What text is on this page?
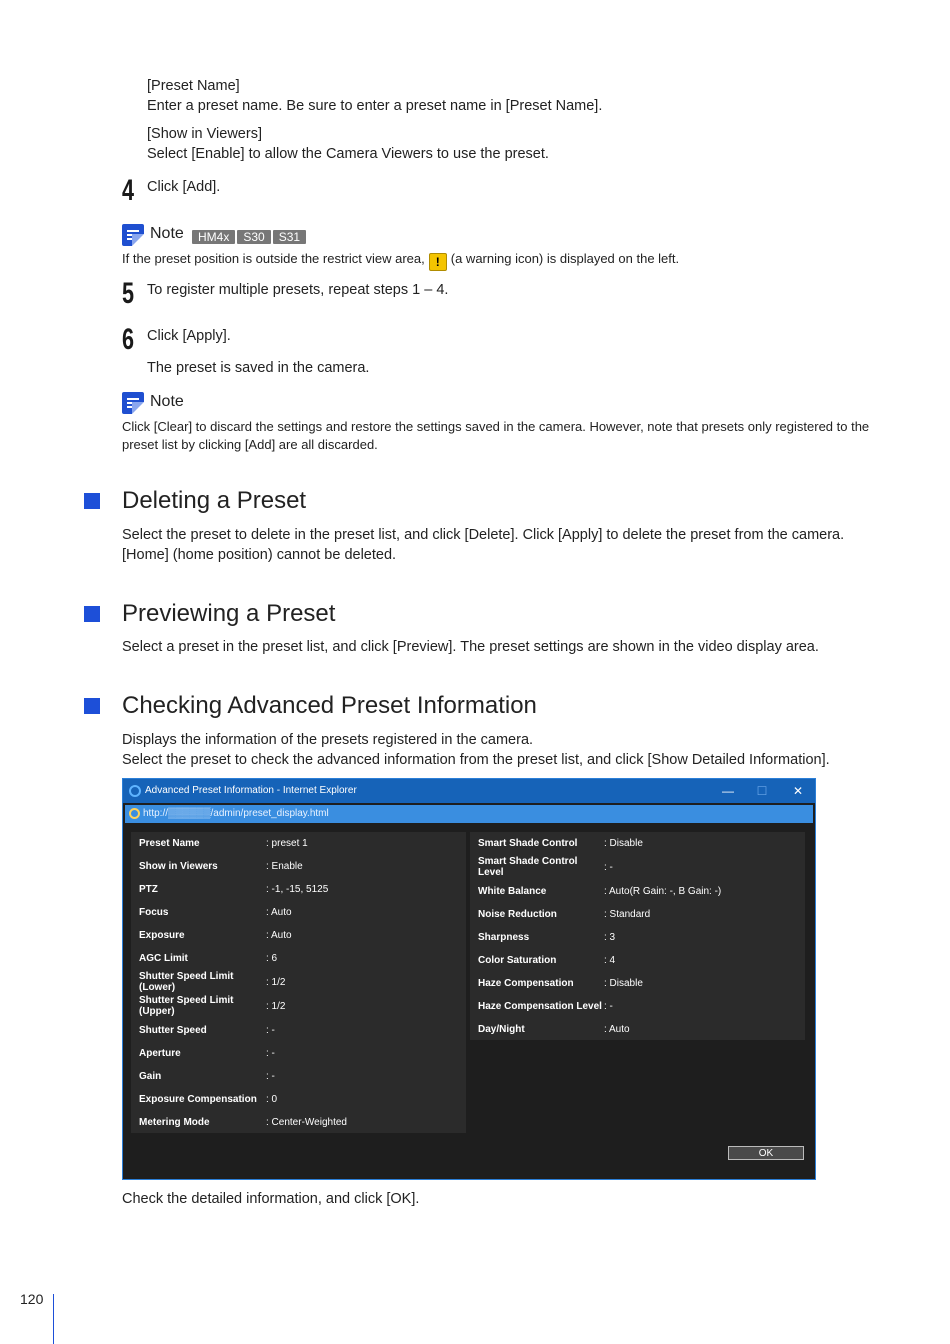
[Preset Name]
Enter a preset name. Be sure to enter a preset name in [Preset Name].
[Show in Viewers]
Select [Enable] to allow the Camera Viewers to use the preset.
4 Click [Add].
Note	HM4x S30 S31
If the preset position is outside the restrict view area, ! (a warning icon) is displayed on the left.
5 To register multiple presets, repeat steps 1 – 4.
6 Click [Apply].
The preset is saved in the camera.
Note
Click [Clear] to discard the settings and restore the settings saved in the camera. However, note that presets only registered to the preset list by clicking [Add] are all discarded.
Deleting a Preset
Select the preset to delete in the preset list, and click [Delete]. Click [Apply] to delete the preset from the camera.
[Home] (home position) cannot be deleted.
Previewing a Preset
Select a preset in the preset list, and click [Preview]. The preset settings are shown in the video display area.
Checking Advanced Preset Information
Displays the information of the presets registered in the camera.
Select the preset to check the advanced information from the preset list, and click [Show Detailed Information].
Advanced Preset Information - Internet Explorer	—	☐	✕
http://▒▒▒▒▒▒/admin/preset_display.html
Preset Name	: preset 1
Show in Viewers	: Enable
PTZ	: -1, -15, 5125
Focus	: Auto
Exposure	: Auto
AGC Limit	: 6
Shutter Speed Limit (Lower)	: 1/2
Shutter Speed Limit (Upper)	: 1/2
Shutter Speed	: -
Aperture	: -
Gain	: -
Exposure Compensation : 0
Metering Mode	: Center-Weighted
Smart Shade Control	: Disable
Smart Shade Control Level	: -
White Balance	: Auto(R Gain: -, B Gain: -)
Noise Reduction	: Standard
Sharpness	: 3
Color Saturation	: 4
Haze Compensation	: Disable
Haze Compensation Level : -
Day/Night	: Auto
OK
Check the detailed information, and click [OK].
120
